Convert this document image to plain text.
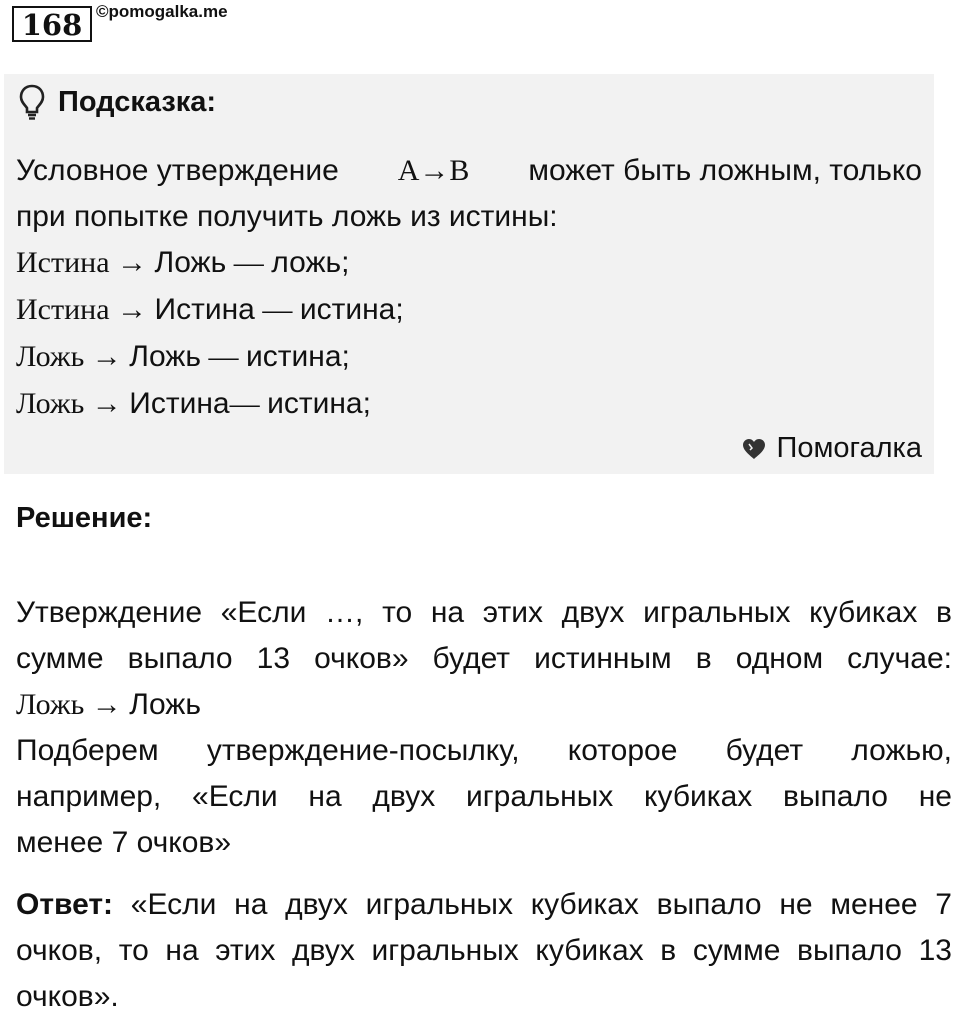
168 ©pomogalka.me
Подсказка:
Условное утверждение A→B может быть ложным, только
при попытке получить ложь из истины:
Истина → Ложь — ложь;
Истина → Истина — истина;
Ложь → Ложь — истина;
Ложь → Истина— истина;
Помогалка
Решение:
Утверждение «Если …, то на этих двух игральных кубиках в
сумме выпало 13 очков» будет истинным в одном случае:
Ложь → Ложь
Подберем утверждение-посылку, которое будет ложью,
например, «Если на двух игральных кубиках выпало не
менее 7 очков»
Ответ: «Если на двух игральных кубиках выпало не менее 7
очков, то на этих двух игральных кубиках в сумме выпало 13
очков».
